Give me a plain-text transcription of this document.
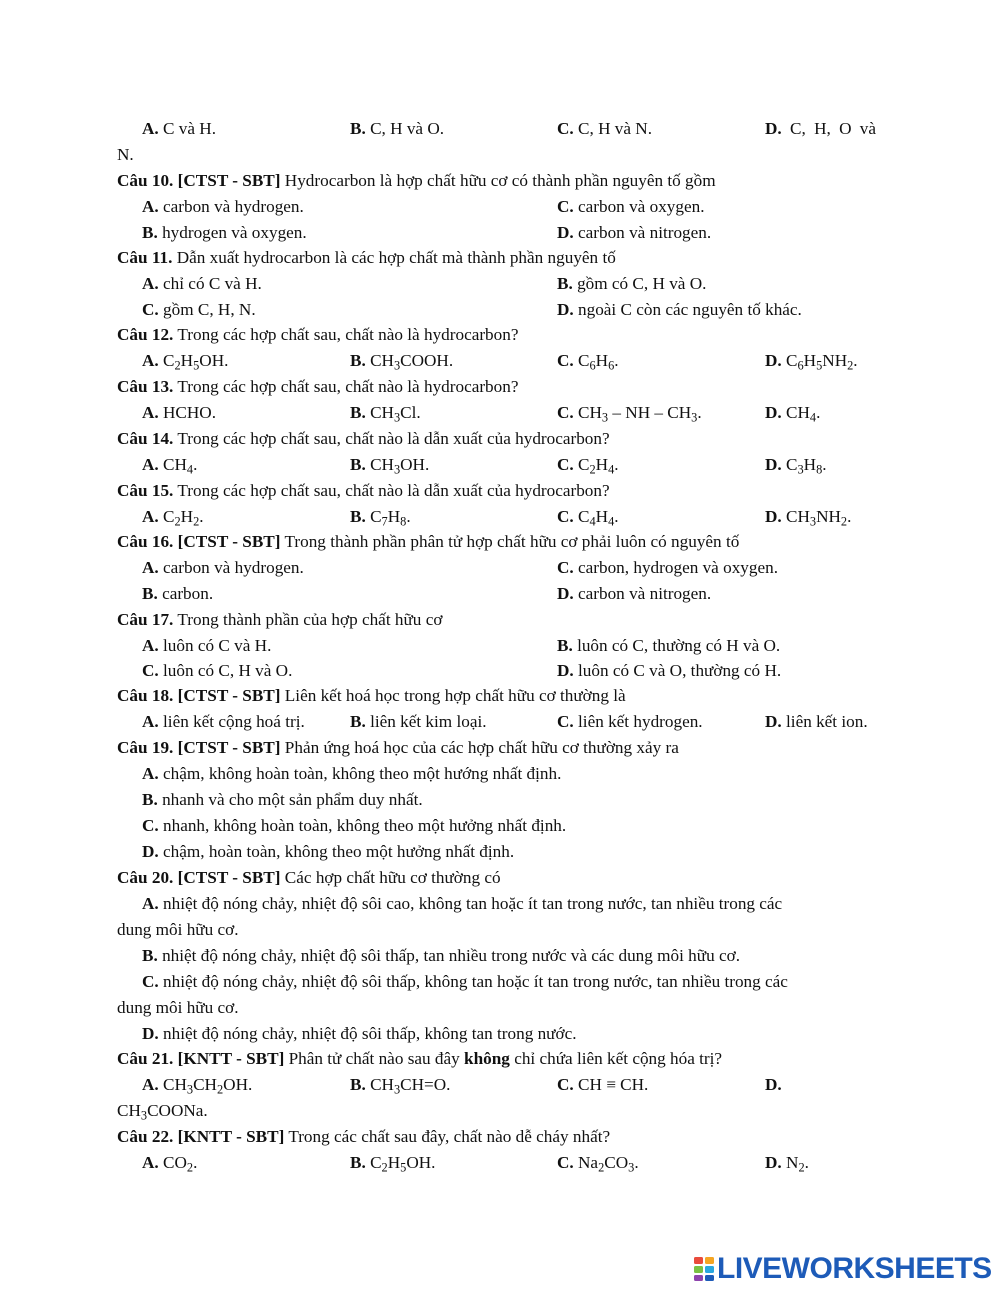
A. C và H.	B. C, H và O.	C. C, H và N.	D. C, H, O và
N.
Câu 10. [CTST - SBT] Hydrocarbon là hợp chất hữu cơ có thành phần nguyên tố gồm
A. carbon và hydrogen.	C. carbon và oxygen.
B. hydrogen và oxygen.	D. carbon và nitrogen.
Câu 11. Dẫn xuất hydrocarbon là các hợp chất mà thành phần nguyên tố
A. chỉ có C và H.	B. gồm có C, H và O.
C. gồm C, H, N.	D. ngoài C còn các nguyên tố khác.
Câu 12. Trong các hợp chất sau, chất nào là hydrocarbon?
A. $C_2H_5OH$.	B. $CH_3COOH$.	C. $C_6H_6$.	D. $C_6H_5NH_2$.
Câu 13. Trong các hợp chất sau, chất nào là hydrocarbon?
A. HCHO.	B. $CH_3Cl$.	C. $CH_3$ – NH – $CH_3$.	D. $CH_4$.
Câu 14. Trong các hợp chất sau, chất nào là dẫn xuất của hydrocarbon?
A. $CH_4$.	B. $CH_3OH$.	C. $C_2H_4$.	D. $C_3H_8$.
Câu 15. Trong các hợp chất sau, chất nào là dẫn xuất của hydrocarbon?
A. $C_2H_2$.	B. $C_7H_8$.	C. $C_4H_4$.	D. $CH_3NH_2$.
Câu 16. [CTST - SBT] Trong thành phần phân tử hợp chất hữu cơ phải luôn có nguyên tố
A. carbon và hydrogen.	C. carbon, hydrogen và oxygen.
B. carbon.	D. carbon và nitrogen.
Câu 17. Trong thành phần của hợp chất hữu cơ
A. luôn có C và H.	B. luôn có C, thường có H và O.
C. luôn có C, H và O.	D. luôn có C và O, thường có H.
Câu 18. [CTST - SBT] Liên kết hoá học trong hợp chất hữu cơ thường là
A. liên kết cộng hoá trị.	B. liên kết kim loại.	C. liên kết hydrogen.	D. liên kết ion.
Câu 19. [CTST - SBT] Phản ứng hoá học của các hợp chất hữu cơ thường xảy ra
A. chậm, không hoàn toàn, không theo một hướng nhất định.
B. nhanh và cho một sản phẩm duy nhất.
C. nhanh, không hoàn toàn, không theo một hưởng nhất định.
D. chậm, hoàn toàn, không theo một hưởng nhất định.
Câu 20. [CTST - SBT] Các hợp chất hữu cơ thường có
A. nhiệt độ nóng chảy, nhiệt độ sôi cao, không tan hoặc ít tan trong nước, tan nhiều trong các
dung môi hữu cơ.
B. nhiệt độ nóng chảy, nhiệt độ sôi thấp, tan nhiều trong nước và các dung môi hữu cơ.
C. nhiệt độ nóng chảy, nhiệt độ sôi thấp, không tan hoặc ít tan trong nước, tan nhiều trong các
dung môi hữu cơ.
D. nhiệt độ nóng chảy, nhiệt độ sôi thấp, không tan trong nước.
Câu 21. [KNTT - SBT] Phân tử chất nào sau đây không chỉ chứa liên kết cộng hóa trị?
A. $CH_3CH_2OH$.	B. $CH_3CH=O$.	C. CH ≡ CH.	D.
$CH_3COONa$.
Câu 22. [KNTT - SBT] Trong các chất sau đây, chất nào dễ cháy nhất?
A. $CO_2$.	B. $C_2H_5OH$.	C. $Na_2CO_3$.	D. $N_2$.
LIVEWORKSHEETS
